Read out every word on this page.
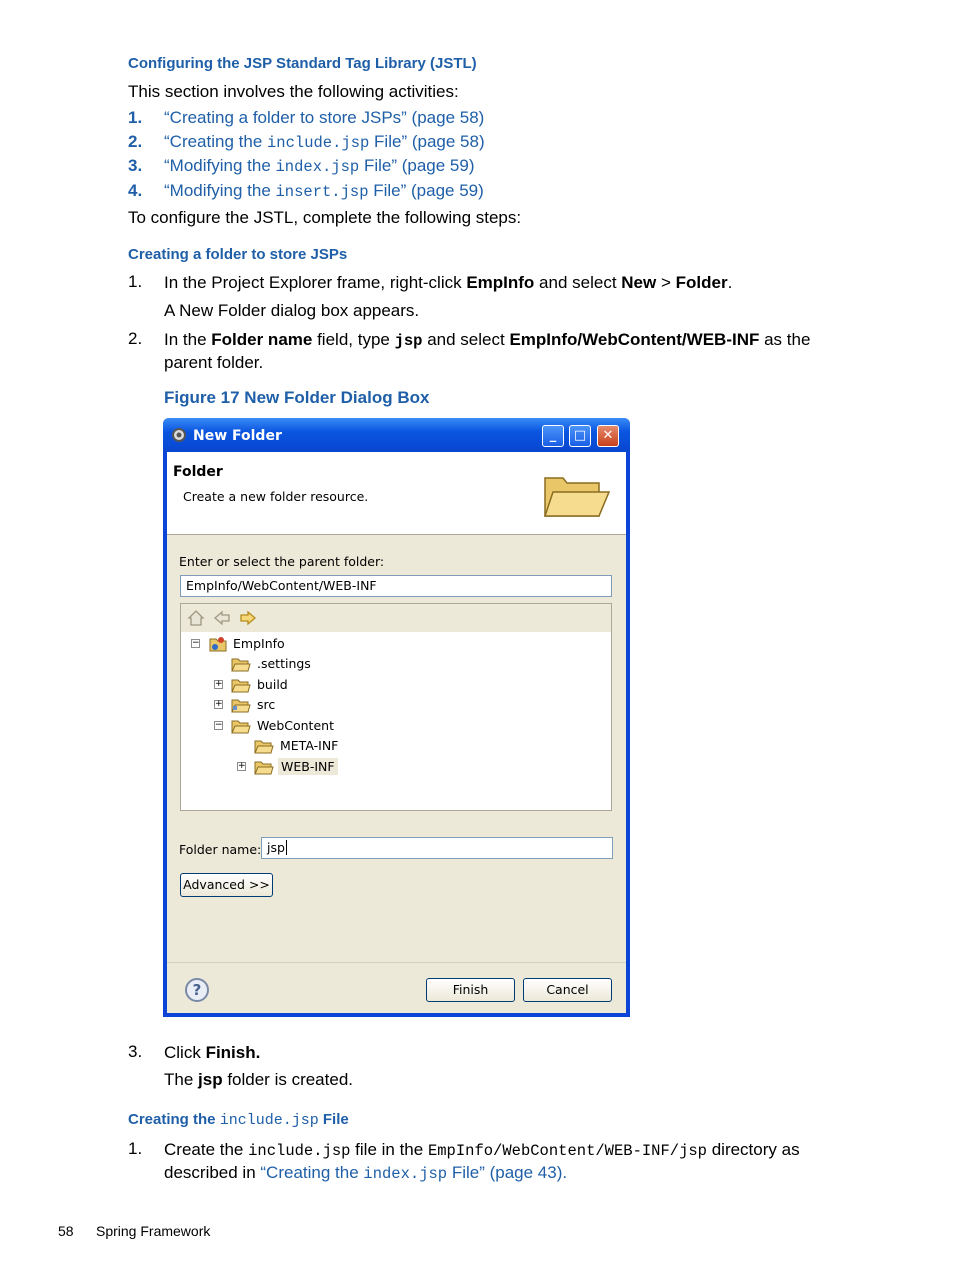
Configuring the JSP Standard Tag Library (JSTL)
This section involves the following activities:
1. “Creating a folder to store JSPs” (page 58)
2. “Creating the include.jsp File” (page 58)
3. “Modifying the index.jsp File” (page 59)
4. “Modifying the insert.jsp File” (page 59)
To configure the JSTL, complete the following steps:
Creating a folder to store JSPs
1. In the Project Explorer frame, right-click EmpInfo and select New > Folder.
A New Folder dialog box appears.
2. In the Folder name field, type jsp and select EmpInfo/WebContent/WEB-INF as the parent folder.
Figure 17 New Folder Dialog Box
New Folder	_	□	✕
Folder
Create a new folder resource.
Enter or select the parent folder:
EmpInfo/WebContent/WEB-INF
−	EmpInfo
.settings
+	build
+	src
−	WebContent
META-INF
+	WEB-INF
Folder name: jsp
Advanced >>
?	Finish	Cancel
3. Click Finish.
The jsp folder is created.
Creating the include.jsp File
1. Create the include.jsp file in the EmpInfo/WebContent/WEB-INF/jsp directory as described in “Creating the index.jsp File” (page 43).
58 Spring Framework
